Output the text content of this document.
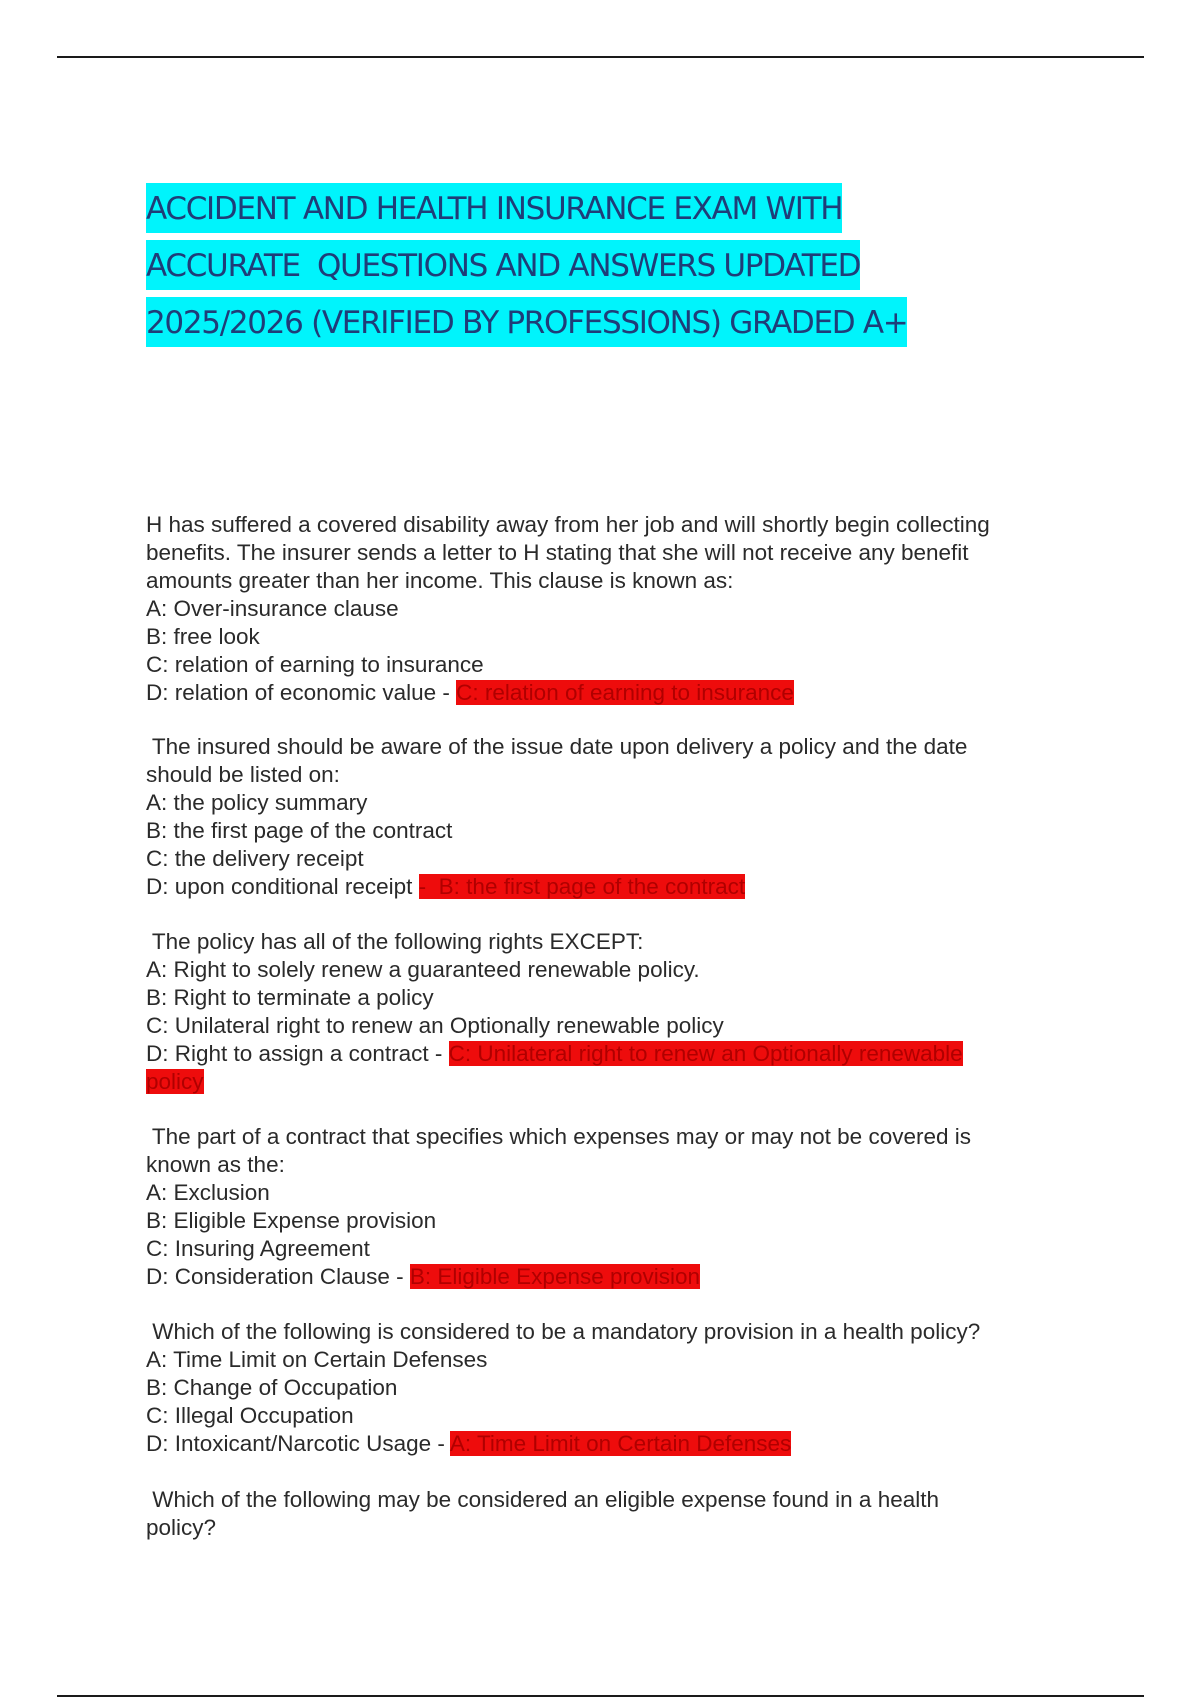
ACCIDENT AND HEALTH INSURANCE EXAM WITH
ACCURATE  QUESTIONS AND ANSWERS UPDATED
2025/2026 (VERIFIED BY PROFESSIONS) GRADED A+
H has suffered a covered disability away from her job and will shortly begin collecting
benefits. The insurer sends a letter to H stating that she will not receive any benefit
amounts greater than her income. This clause is known as:
A: Over-insurance clause
B: free look
C: relation of earning to insurance
D: relation of economic value - C: relation of earning to insurance
The insured should be aware of the issue date upon delivery a policy and the date
should be listed on:
A: the policy summary
B: the first page of the contract
C: the delivery receipt
D: upon conditional receipt -  B: the first page of the contract
The policy has all of the following rights EXCEPT:
A: Right to solely renew a guaranteed renewable policy.
B: Right to terminate a policy
C: Unilateral right to renew an Optionally renewable policy
D: Right to assign a contract - C: Unilateral right to renew an Optionally renewable
policy
The part of a contract that specifies which expenses may or may not be covered is
known as the:
A: Exclusion
B: Eligible Expense provision
C: Insuring Agreement
D: Consideration Clause - B: Eligible Expense provision
Which of the following is considered to be a mandatory provision in a health policy?
A: Time Limit on Certain Defenses
B: Change of Occupation
C: Illegal Occupation
D: Intoxicant/Narcotic Usage - A: Time Limit on Certain Defenses
Which of the following may be considered an eligible expense found in a health
policy?
